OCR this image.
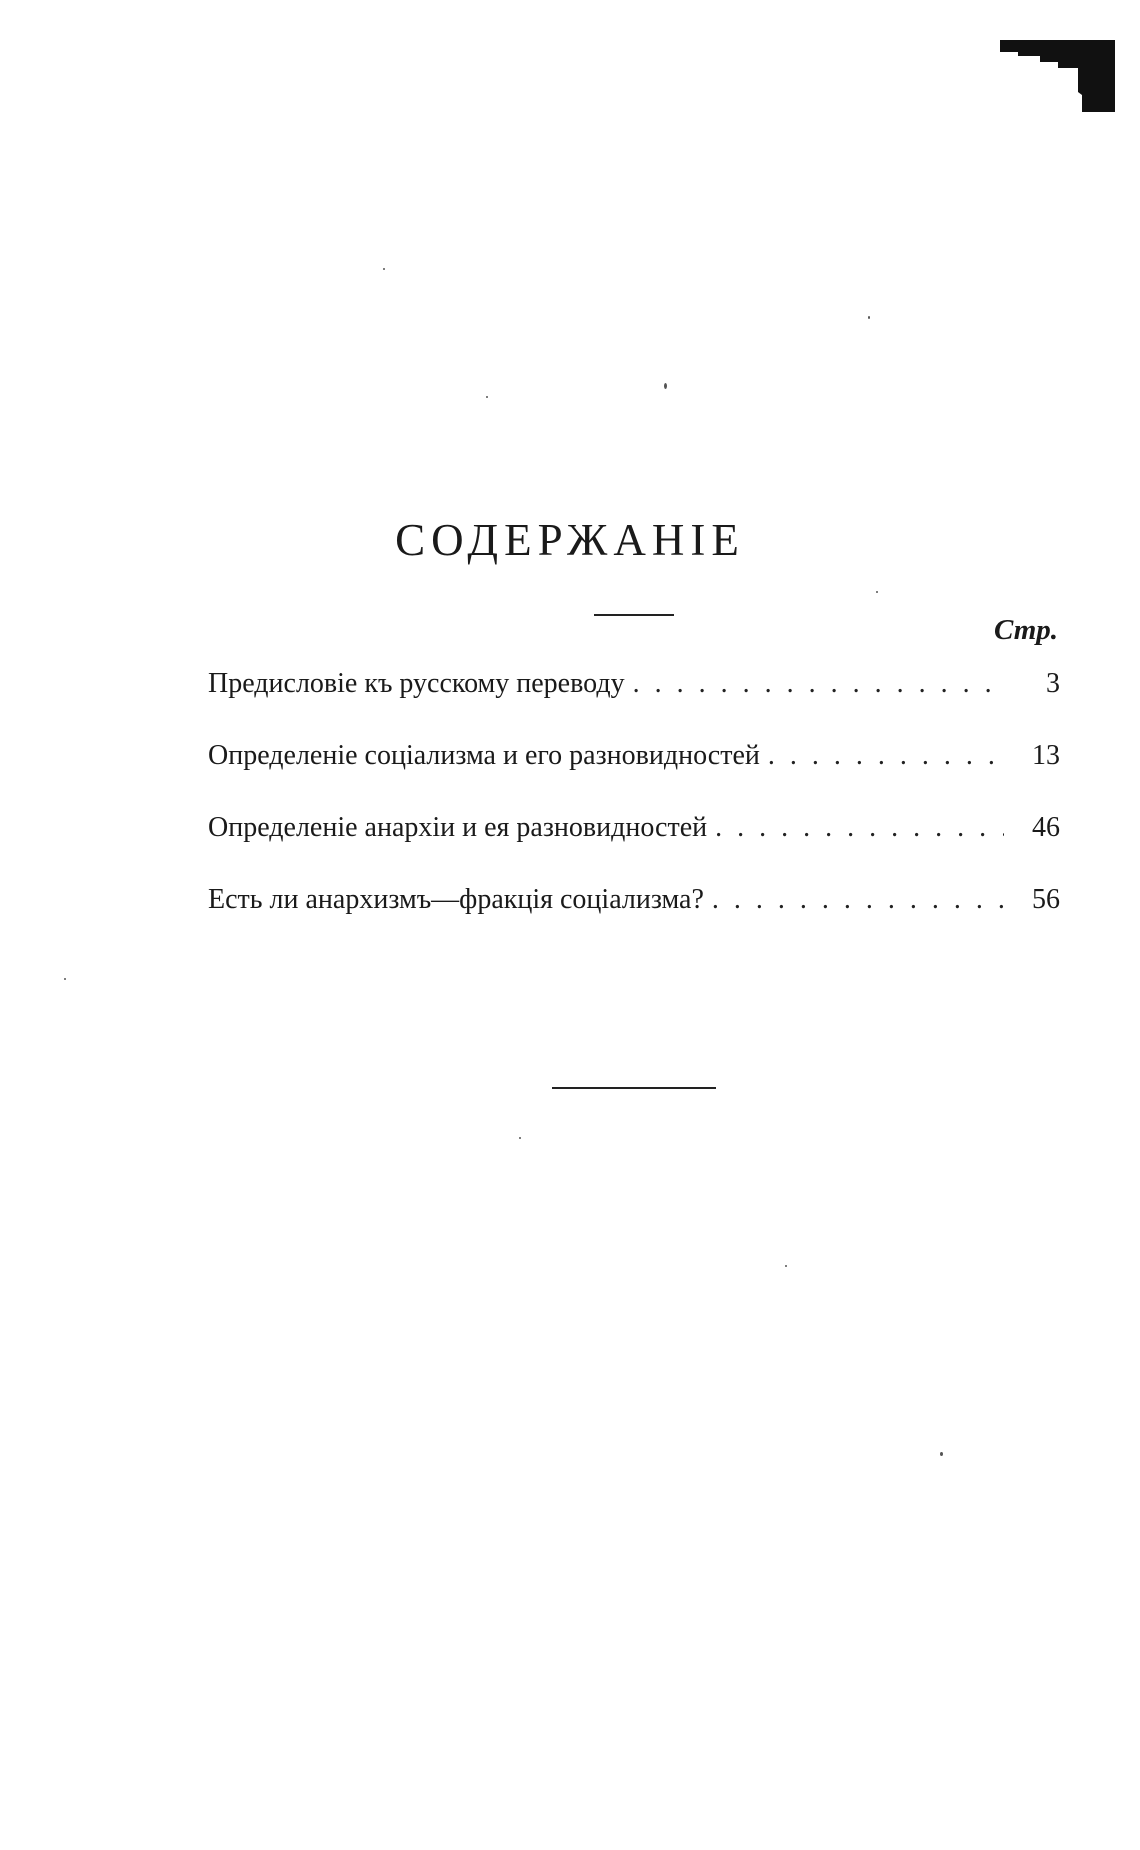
СОДЕРЖАНІЕ
Стр.
Предисловіе къ русскому переводу . . .	3
Определеніе соціализма и его разновидностей . . .	13
Определеніе анархіи и ея разновидностей . . .	46
Есть ли анархизмъ—фракція соціализма? . . .	56
